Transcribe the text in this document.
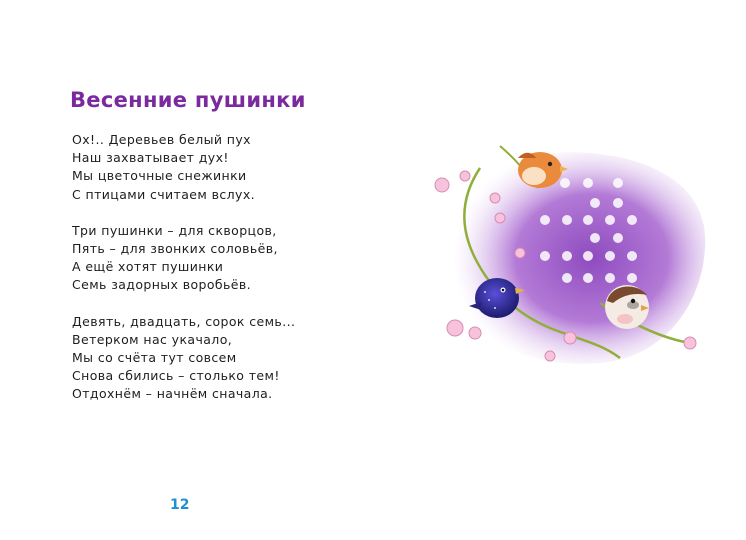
Весенние пушинки
Ох!.. Деревьев белый пух
Наш захватывает дух!
Мы цветочные снежинки
С птицами считаем вслух.
Три пушинки – для скворцов,
Пять – для звонких соловьёв,
А ещё хотят пушинки
Семь задорных воробьёв.
Девять, двадцать, сорок семь...
Ветерком нас укачало,
Мы со счёта тут совсем
Снова сбились – столько тем!
Отдохнём – начнём сначала.
12
